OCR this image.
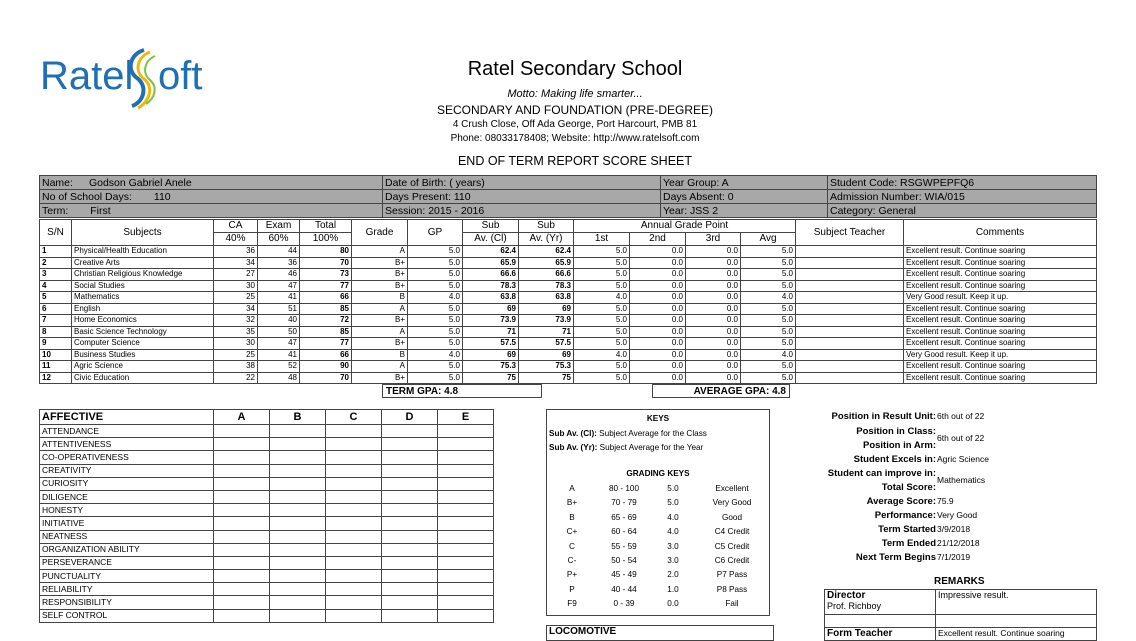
Ratel oft	Ratel Secondary School
Motto: Making life smarter...
SECONDARY AND FOUNDATION (PRE-DEGREE)
4 Crush Close, Off Ada George, Port Harcourt, PMB 81
Phone: 08033178408; Website: http://www.ratelsoft.com
END OF TERM REPORT SCORE SHEET
Name: Godson Gabriel Anele	Date of Birth: ( years)	Year Group: A	Student Code: RSGWPEPFQ6
No of School Days: 110	Days Present: 110	Days Absent: 0	Admission Number: WIA/015
Term: First	Session: 2015 - 2016	Year: JSS 2	Category: General
S/N	Subjects	CA	Exam	Total	Grade	GP	Sub	Sub	Annual Grade Point				Subject Teacher	Comments
		40%	60%	100%			Av. (Cl)	Av. (Yr)	1st	2nd	3rd	Avg		
1	Physical/Health Education	36	44	80	A	5.0	62.4	62.4	5.0	0.0	0.0	5.0		Excellent result. Continue soaring
2	Creative Arts	34	36	70	B+	5.0	65.9	65.9	5.0	0.0	0.0	5.0		Excellent result. Continue soaring
3	Christian Religious Knowledge	27	46	73	B+	5.0	66.6	66.6	5.0	0.0	0.0	5.0		Excellent result. Continue soaring
4	Social Studies	30	47	77	B+	5.0	78.3	78.3	5.0	0.0	0.0	5.0		Excellent result. Continue soaring
5	Mathematics	25	41	66	B	4.0	63.8	63.8	4.0	0.0	0.0	4.0		Very Good result. Keep it up.
6	English	34	51	85	A	5.0	69	69	5.0	0.0	0.0	5.0		Excellent result. Continue soaring
7	Home Economics	32	40	72	B+	5.0	73.9	73.9	5.0	0.0	0.0	5.0		Excellent result. Continue soaring
8	Basic Science Technology	35	50	85	A	5.0	71	71	5.0	0.0	0.0	5.0		Excellent result. Continue soaring
9	Computer Science	30	47	77	B+	5.0	57.5	57.5	5.0	0.0	0.0	5.0		Excellent result. Continue soaring
10	Business Studies	25	41	66	B	4.0	69	69	4.0	0.0	0.0	4.0		Very Good result. Keep it up.
11	Agric Science	38	52	90	A	5.0	75.3	75.3	5.0	0.0	0.0	5.0		Excellent result. Continue soaring
12	Civic Education	22	48	70	B+	5.0	75	75	5.0	0.0	0.0	5.0		Excellent result. Continue soaring
TERM GPA: 4.8		AVERAGE GPA: 4.8
AFFECTIVE	A	B	C	D	E
ATTENDANCE					
ATTENTIVENESS					
CO-OPERATIVENESS					
CREATIVITY					
CURIOSITY					
DILIGENCE					
HONESTY					
INITIATIVE					
NEATNESS					
ORGANIZATION ABILITY					
PERSEVERANCE					
PUNCTUALITY					
RELIABILITY					
RESPONSIBILITY					
SELF CONTROL					
KEYS
Sub Av. (Cl): Subject Average for the Class
Sub Av. (Yr): Subject Average for the Year
GRADING KEYS
A	80 - 100	5.0	Excellent
B+	70 - 79	5.0	Very Good
B	65 - 69	4.0	Good
C+	60 - 64	4.0	C4 Credit
C	55 - 59	3.0	C5 Credit
C-	50 - 54	3.0	C6 Credit
P+	45 - 49	2.0	P7 Pass
P	40 - 44	1.0	P8 Pass
F9	0 - 39	0.0	Fail
Position in Result Unit: 6th out of 22
Position in Class:
6th out of 22
Position in Arm:
Student Excels in: Agric Science
Student can improve in:
Mathematics
Total Score:
Average Score: 75.9
Performance: Very Good
Term Started 3/9/2018
Term Ended 21/12/2018
Next Term Begins 7/1/2019
REMARKS
Director
Prof. Richboy	Impressive result.

Form Teacher	Excellent result. Continue soaring
LOCOMOTIVE
